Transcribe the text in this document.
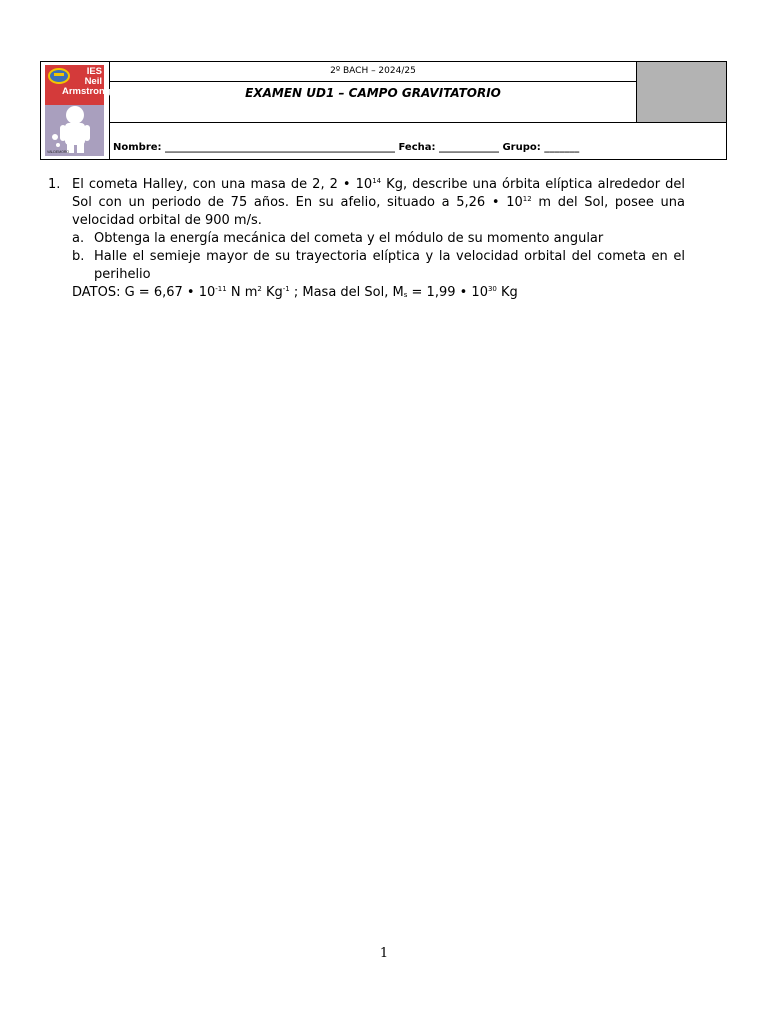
IES
Neil
Armstrong
VALDEMORO
2º BACH – 2024/25
EXAMEN UD1 – CAMPO GRAVITATORIO
Nombre: ______________________________________________ Fecha: ____________ Grupo: _______
1. El cometa Halley, con una masa de 2, 2 • $10^{14}$ Kg, describe una órbita elíptica alrededor del Sol con un periodo de 75 años. En su afelio, situado a 5,26 • $10^{12}$ m del Sol, posee una velocidad orbital de 900 m/s.

a. Obtenga la energía mecánica del cometa y el módulo de su momento angular
b. Halle el semieje mayor de su trayectoria elíptica y la velocidad orbital del cometa en el perihelio

DATOS: G = 6,67 • $10^{-11}$ N $m^2$ $Kg^{-1}$ ; Masa del Sol, Ms = 1,99 • $10^{30}$ Kg

1
